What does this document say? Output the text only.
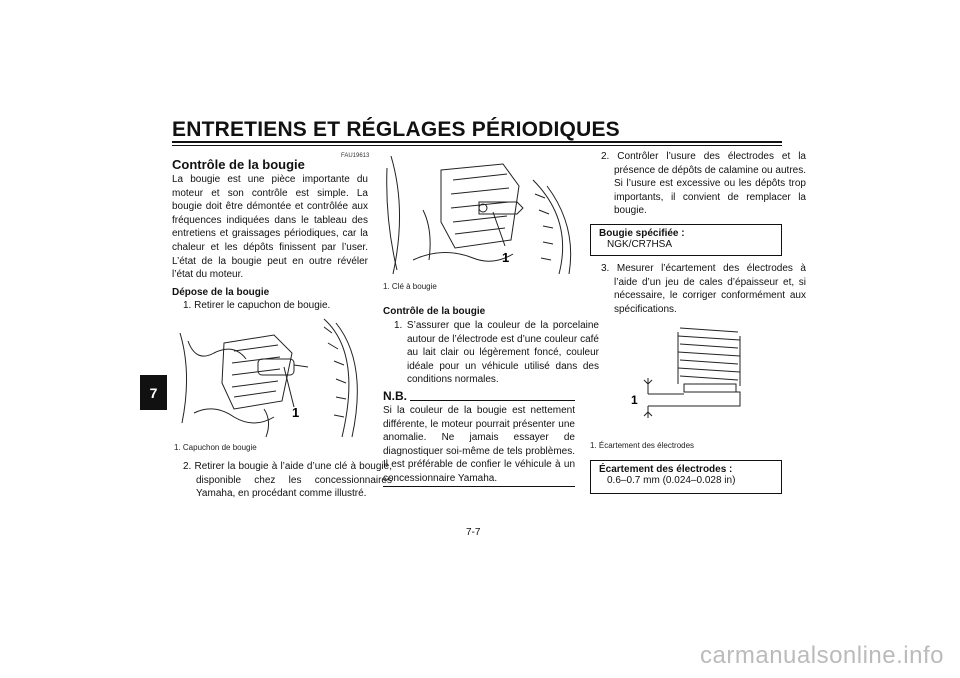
ENTRETIENS ET RÉGLAGES PÉRIODIQUES
7
FAU19613
Contrôle de la bougie
La bougie est une pièce importante du moteur et son contrôle est simple. La bougie doit être démontée et contrôlée aux fréquences indiquées dans le tableau des entretiens et graissages périodiques, car la chaleur et les dépôts finissent par l’user. L’état de la bougie peut en outre révéler l’état du moteur.
Dépose de la bougie
1. Retirer le capuchon de bougie.
1
1. Capuchon de bougie
2. Retirer la bougie à l’aide d’une clé à bougie, disponible chez les concessionnaires Yamaha, en procédant comme illustré.
1
1. Clé à bougie
Contrôle de la bougie
1. S’assurer que la couleur de la porcelaine autour de l’électrode est d’une couleur café au lait clair ou légèrement foncé, couleur idéale pour un véhicule utilisé dans des conditions normales.
N.B.
Si la couleur de la bougie est nettement différente, le moteur pourrait présenter une anomalie. Ne jamais essayer de diagnostiquer soi-même de tels problèmes. Il est préférable de confier le véhicule à un concessionnaire Yamaha.
2. Contrôler l’usure des électrodes et la présence de dépôts de calamine ou autres. Si l’usure est excessive ou les dépôts trop importants, il convient de remplacer la bougie.
Bougie spécifiée :
NGK/CR7HSA
3. Mesurer l’écartement des électrodes à l’aide d’un jeu de cales d’épaisseur et, si nécessaire, le corriger conformément aux spécifications.
1
1. Écartement des électrodes
Écartement des électrodes :
0.6–0.7 mm (0.024–0.028 in)
7-7
carmanualsonline.info
